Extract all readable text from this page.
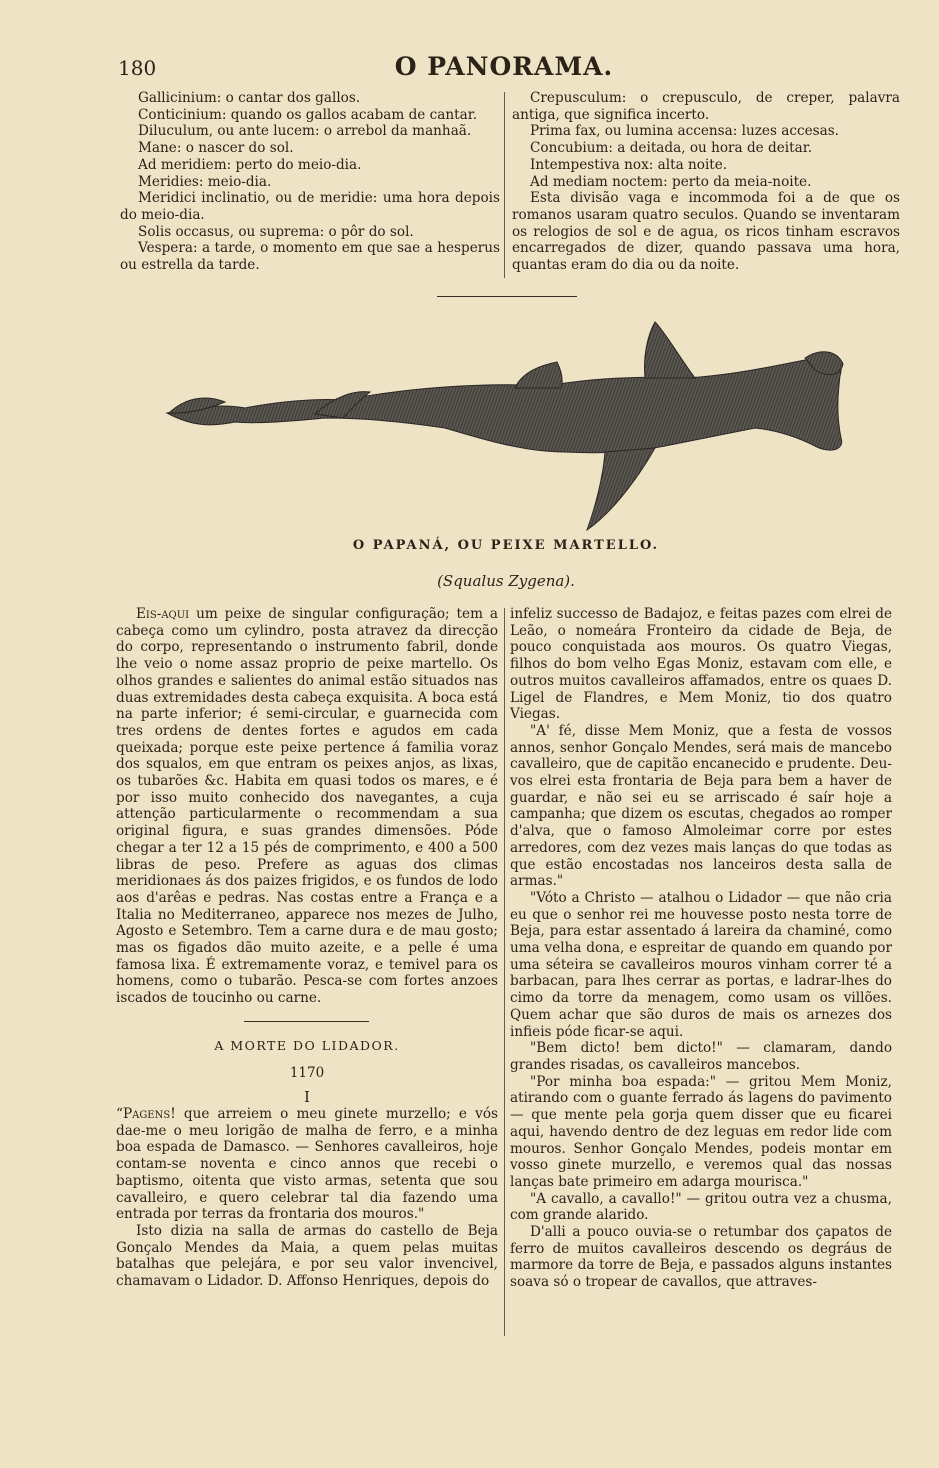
180	O PANORAMA.

Gallicinium: o cantar dos gallos.

Conticinium: quando os gallos acabam de cantar.

Diluculum, ou ante lucem: o arrebol da manhaã.

Mane: o nascer do sol.

Ad meridiem: perto do meio-dia.

Meridies: meio-dia.

Meridici inclinatio, ou de meridie: uma hora depois do meio-dia.

Solis occasus, ou suprema: o pôr do sol.

Vespera: a tarde, o momento em que sae a hesperus ou estrella da tarde.

Crepusculum: o crepusculo, de creper, palavra antiga, que significa incerto.

Prima fax, ou lumina accensa: luzes accesas.

Concubium: a deitada, ou hora de deitar.

Intempestiva nox: alta noite.

Ad mediam noctem: perto da meia-noite.

Esta divisão vaga e incommoda foi a de que os romanos usaram quatro seculos. Quando se inventaram os relogios de sol e de agua, os ricos tinham escravos encarregados de dizer, quando passava uma hora, quantas eram do dia ou da noite.

O PAPANÁ, OU PEIXE MARTELLO.
(Squalus Zygena).

Eis-aqui um peixe de singular configuração; tem a cabeça como um cylindro, posta atravez da direcção do corpo, representando o instrumento fabril, donde lhe veio o nome assaz proprio de peixe martello. Os olhos grandes e salientes do animal estão situados nas duas extremidades desta cabeça exquisita. A boca está na parte inferior; é semi-circular, e guarnecida com tres ordens de dentes fortes e agudos em cada queixada; porque este peixe pertence á familia voraz dos squalos, em que entram os peixes anjos, as lixas, os tubarões &c. Habita em quasi todos os mares, e é por isso muito conhecido dos navegantes, a cuja attenção particularmente o recommendam a sua original figura, e suas grandes dimensões. Póde chegar a ter 12 a 15 pés de comprimento, e 400 a 500 libras de peso. Prefere as aguas dos climas meridionaes ás dos paizes frigidos, e os fundos de lodo aos d'arêas e pedras. Nas costas entre a França e a Italia no Mediterraneo, apparece nos mezes de Julho, Agosto e Setembro. Tem a carne dura e de mau gosto; mas os figados dão muito azeite, e a pelle é uma famosa lixa. É extremamente voraz, e temivel para os homens, como o tubarão. Pesca-se com fortes anzoes iscados de toucinho ou carne.

A MORTE DO LIDADOR.

1170

I

“Pagens! que arreiem o meu ginete murzello; e vós dae-me o meu lorigão de malha de ferro, e a minha boa espada de Damasco. — Senhores cavalleiros, hoje contam-se noventa e cinco annos que recebi o baptismo, oitenta que visto armas, setenta que sou cavalleiro, e quero celebrar tal dia fazendo uma entrada por terras da frontaria dos mouros."

Isto dizia na salla de armas do castello de Beja Gonçalo Mendes da Maia, a quem pelas muitas batalhas que pelejára, e por seu valor invencivel, chamavam o Lidador. D. Affonso Henriques, depois do

infeliz successo de Badajoz, e feitas pazes com elrei de Leão, o nomeára Fronteiro da cidade de Beja, de pouco conquistada aos mouros. Os quatro Viegas, filhos do bom velho Egas Moniz, estavam com elle, e outros muitos cavalleiros affamados, entre os quaes D. Ligel de Flandres, e Mem Moniz, tio dos quatro Viegas.

"A' fé, disse Mem Moniz, que a festa de vossos annos, senhor Gonçalo Mendes, será mais de mancebo cavalleiro, que de capitão encanecido e prudente. Deu-vos elrei esta frontaria de Beja para bem a haver de guardar, e não sei eu se arriscado é saír hoje a campanha; que dizem os escutas, chegados ao romper d'alva, que o famoso Almoleimar corre por estes arredores, com dez vezes mais lanças do que todas as que estão encostadas nos lanceiros desta salla de armas."

"Vóto a Christo — atalhou o Lidador — que não cria eu que o senhor rei me houvesse posto nesta torre de Beja, para estar assentado á lareira da chaminé, como uma velha dona, e espreitar de quando em quando por uma séteira se cavalleiros mouros vinham correr té a barbacan, para lhes cerrar as portas, e ladrar-lhes do cimo da torre da menagem, como usam os villões. Quem achar que são duros de mais os arnezes dos infieis póde ficar-se aqui.

"Bem dicto! bem dicto!" — clamaram, dando grandes risadas, os cavalleiros mancebos.

"Por minha boa espada:" — gritou Mem Moniz, atirando com o guante ferrado ás lagens do pavimento — que mente pela gorja quem disser que eu ficarei aqui, havendo dentro de dez leguas em redor lide com mouros. Senhor Gonçalo Mendes, podeis montar em vosso ginete murzello, e veremos qual das nossas lanças bate primeiro em adarga mourisca."

"A cavallo, a cavallo!" — gritou outra vez a chusma, com grande alarido.

D'alli a pouco ouvia-se o retumbar dos çapatos de ferro de muitos cavalleiros descendo os degráus de marmore da torre de Beja, e passados alguns instantes soava só o tropear de cavallos, que attraves-
